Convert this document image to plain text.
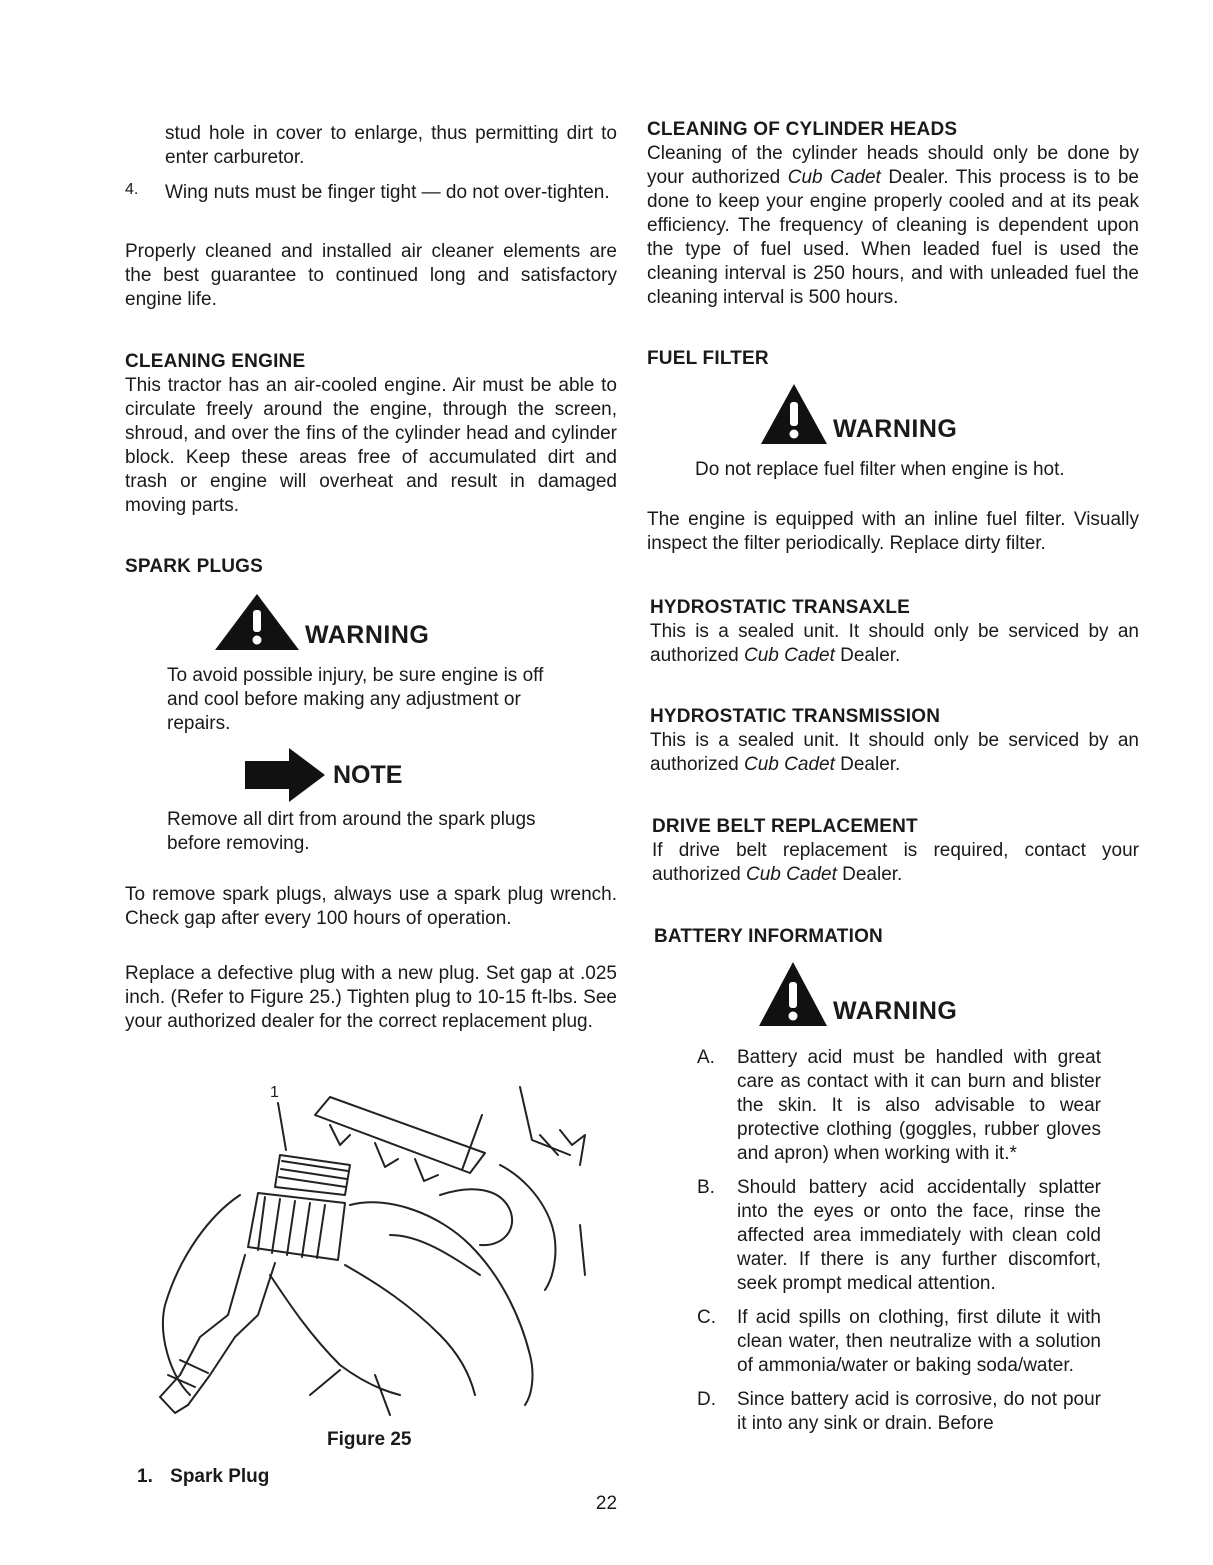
stud hole in cover to enlarge, thus permitting dirt to enter carburetor.

4. Wing nuts must be finger tight — do not over-tighten.

Properly cleaned and installed air cleaner elements are the best guarantee to continued long and satisfactory engine life.

CLEANING ENGINE

This tractor has an air-cooled engine. Air must be able to circulate freely around the engine, through the screen, shroud, and over the fins of the cylinder head and cylinder block. Keep these areas free of accumulated dirt and trash or engine will overheat and result in damaged moving parts.

SPARK PLUGS
WARNING

To avoid possible injury, be sure engine is off and cool before making any adjustment or repairs.

NOTE

Remove all dirt from around the spark plugs before removing.

To remove spark plugs, always use a spark plug wrench. Check gap after every 100 hours of operation.

Replace a defective plug with a new plug. Set gap at .025 inch. (Refer to Figure 25.) Tighten plug to 10-15 ft-lbs. See your authorized dealer for the correct replacement plug.

1
Figure 25
1. Spark Plug
CLEANING OF CYLINDER HEADS

Cleaning of the cylinder heads should only be done by your authorized Cub Cadet Dealer. This process is to be done to keep your engine properly cooled and at its peak efficiency. The frequency of cleaning is dependent upon the type of fuel used. When leaded fuel is used the cleaning interval is 250 hours, and with unleaded fuel the cleaning interval is 500 hours.

FUEL FILTER
WARNING

Do not replace fuel filter when engine is hot.

The engine is equipped with an inline fuel filter. Visually inspect the filter periodically. Replace dirty filter.

HYDROSTATIC TRANSAXLE

This is a sealed unit. It should only be serviced by an authorized Cub Cadet Dealer.

HYDROSTATIC TRANSMISSION

This is a sealed unit. It should only be serviced by an authorized Cub Cadet Dealer.

DRIVE BELT REPLACEMENT

If drive belt replacement is required, contact your authorized Cub Cadet Dealer.

BATTERY INFORMATION
WARNING
A. Battery acid must be handled with great care as contact with it can burn and blister the skin. It is also advisable to wear protective clothing (goggles, rubber gloves and apron) when working with it.*
B. Should battery acid accidentally splatter into the eyes or onto the face, rinse the affected area immediately with clean cold water. If there is any further discomfort, seek prompt medical attention.
C. If acid spills on clothing, first dilute it with clean water, then neutralize with a solution of ammonia/water or baking soda/water.
D. Since battery acid is corrosive, do not pour it into any sink or drain. Before
22
